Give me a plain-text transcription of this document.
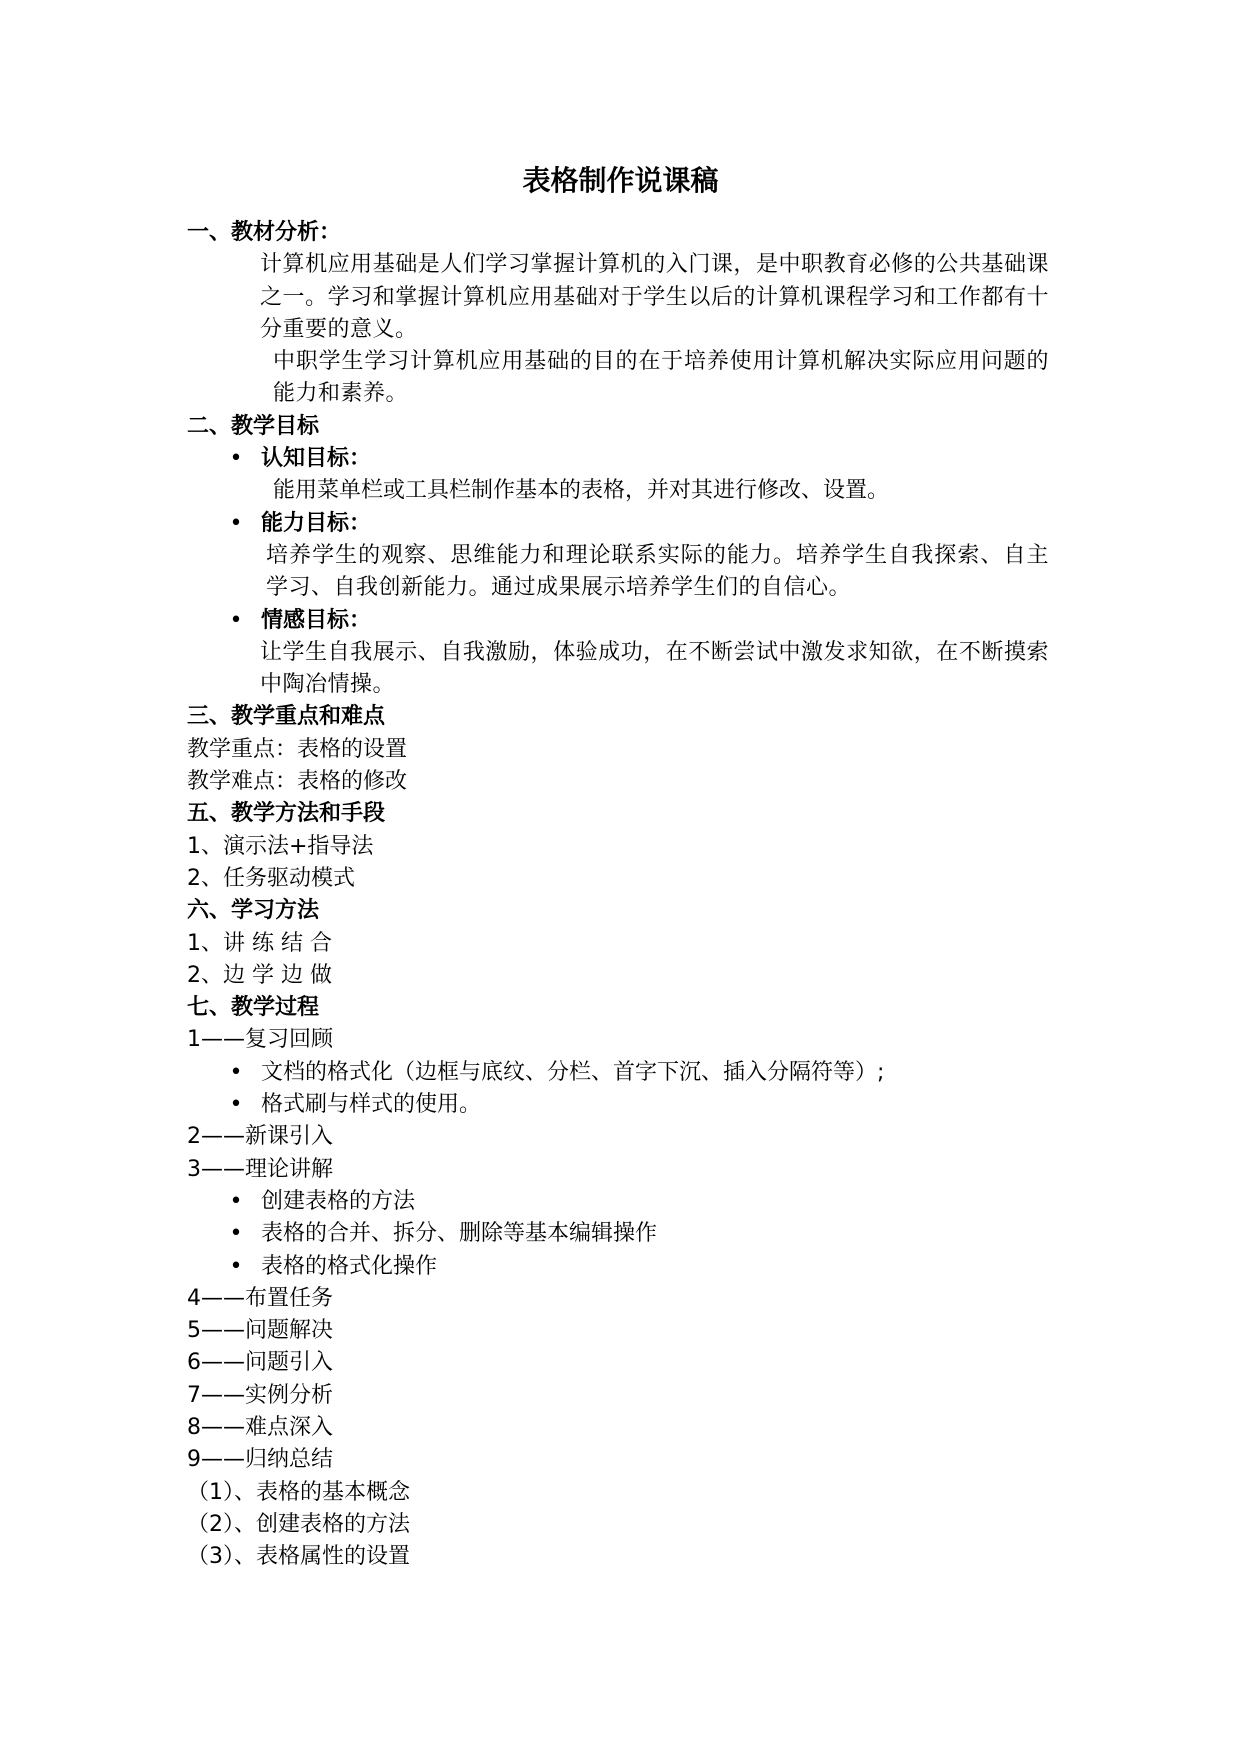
表格制作说课稿
一、教材分析：
计算机应用基础是人们学习掌握计算机的入门课，是中职教育必修的公共基础课之一。学习和掌握计算机应用基础对于学生以后的计算机课程学习和工作都有十分重要的意义。
中职学生学习计算机应用基础的目的在于培养使用计算机解决实际应用问题的能力和素养。
二、教学目标
• 认知目标：
能用菜单栏或工具栏制作基本的表格，并对其进行修改、设置。
• 能力目标：
培养学生的观察、思维能力和理论联系实际的能力。培养学生自我探索、自主学习、自我创新能力。通过成果展示培养学生们的自信心。
• 情感目标：
让学生自我展示、自我激励，体验成功，在不断尝试中激发求知欲，在不断摸索中陶冶情操。
三、教学重点和难点
教学重点：表格的设置
教学难点：表格的修改
五、教学方法和手段
1、演示法+指导法
2、任务驱动模式
六、学习方法
1、讲 练 结 合
2、边 学 边 做
七、教学过程
1——复习回顾
• 文档的格式化（边框与底纹、分栏、首字下沉、插入分隔符等）;
• 格式刷与样式的使用。
2——新课引入
3——理论讲解
• 创建表格的方法
• 表格的合并、拆分、删除等基本编辑操作
• 表格的格式化操作
4——布置任务
5——问题解决
6——问题引入
7——实例分析
8——难点深入
9——归纳总结
（1）、表格的基本概念
（2）、创建表格的方法
（3）、表格属性的设置
